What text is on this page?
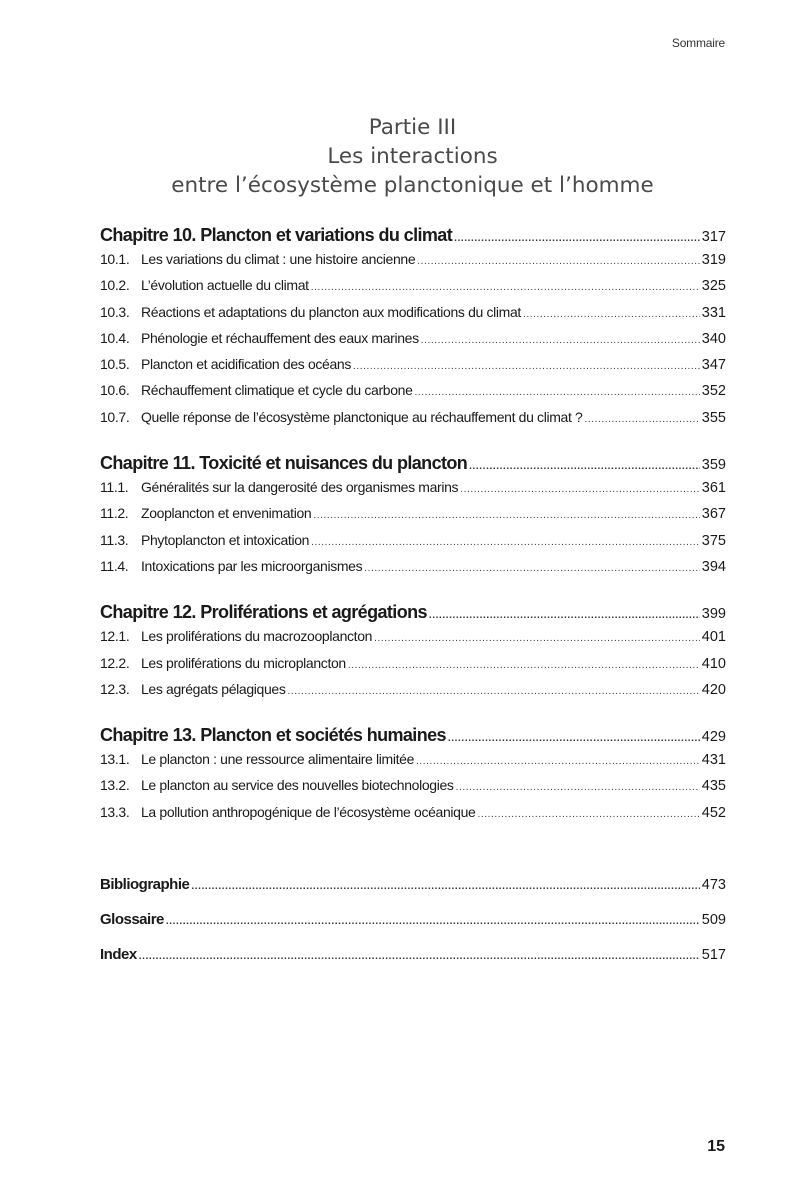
Sommaire
Partie III
Les interactions
entre l’écosystème planctonique et l’homme
Chapitre 10. Plancton et variations du climat .....	317
10.1. Les variations du climat : une histoire ancienne .....	319
10.2. L’évolution actuelle du climat .....	325
10.3. Réactions et adaptations du plancton aux modifications du climat .....	331
10.4. Phénologie et réchauffement des eaux marines .....	340
10.5. Plancton et acidification des océans .....	347
10.6. Réchauffement climatique et cycle du carbone .....	352
10.7. Quelle réponse de l’écosystème planctonique au réchauffement du climat ? .....	355
Chapitre 11. Toxicité et nuisances du plancton .....	359
11.1. Généralités sur la dangerosité des organismes marins .....	361
11.2. Zooplancton et envenimation .....	367
11.3. Phytoplancton et intoxication .....	375
11.4. Intoxications par les microorganismes .....	394
Chapitre 12. Proliférations et agrégations .....	399
12.1. Les proliférations du macrozooplancton .....	401
12.2. Les proliférations du microplancton .....	410
12.3. Les agrégats pélagiques .....	420
Chapitre 13. Plancton et sociétés humaines .....	429
13.1. Le plancton : une ressource alimentaire limitée .....	431
13.2. Le plancton au service des nouvelles biotechnologies .....	435
13.3. La pollution anthropogénique de l’écosystème océanique .....	452
Bibliographie .....	473
Glossaire .....	509
Index .....	517
15
